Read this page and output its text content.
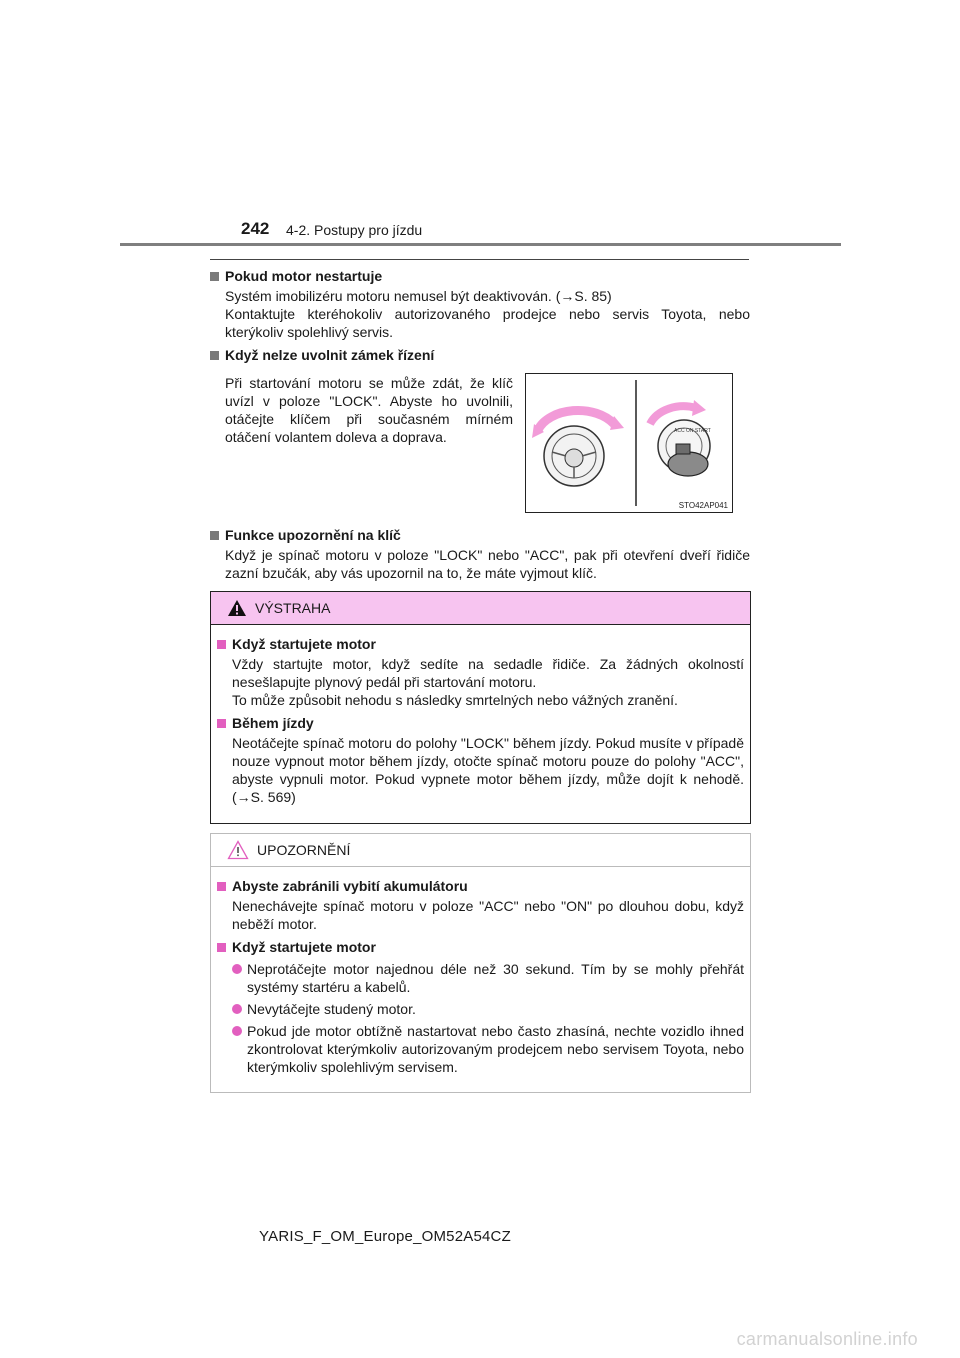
242 4-2. Postupy pro jízdu
Pokud motor nestartuje

Systém imobilizéru motoru nemusel být deaktivován. (→S. 85)

Kontaktujte kteréhokoliv autorizovaného prodejce nebo servis Toyota, nebo kterýkoliv spolehlivý servis.

Když nelze uvolnit zámek řízení

Při startování motoru se může zdát, že klíč uvízl v poloze "LOCK". Abyste ho uvolnili, otáčejte klíčem při současném mírném otáčení volantem doleva a doprava.	ACC ON START
STO42AP041
Funkce upozornění na klíč

Když je spínač motoru v poloze "LOCK" nebo "ACC", pak při otevření dveří řidiče zazní bzučák, aby vás upozornil na to, že máte vyjmout klíč.

VÝSTRAHA
Když startujete motor

Vždy startujte motor, když sedíte na sedadle řidiče. Za žádných okolností nesešlapujte plynový pedál při startování motoru.

To může způsobit nehodu s následky smrtelných nebo vážných zranění.

Během jízdy

Neotáčejte spínač motoru do polohy "LOCK" během jízdy. Pokud musíte v případě nouze vypnout motor během jízdy, otočte spínač motoru pouze do polohy "ACC", abyste vypnuli motor. Pokud vypnete motor během jízdy, může dojít k nehodě. (→S. 569)

UPOZORNĚNÍ
Abyste zabránili vybití akumulátoru

Nenechávejte spínač motoru v poloze "ACC" nebo "ON" po dlouhou dobu, když neběží motor.

Když startujete motor
Neprotáčejte motor najednou déle než 30 sekund. Tím by se mohly přehřát systémy startéru a kabelů.
Nevytáčejte studený motor.
Pokud jde motor obtížně nastartovat nebo často zhasíná, nechte vozidlo ihned zkontrolovat kterýmkoliv autorizovaným prodejcem nebo servisem Toyota, nebo kterýmkoliv spolehlivým servisem.
YARIS_F_OM_Europe_OM52A54CZ
carmanualsonline.info
